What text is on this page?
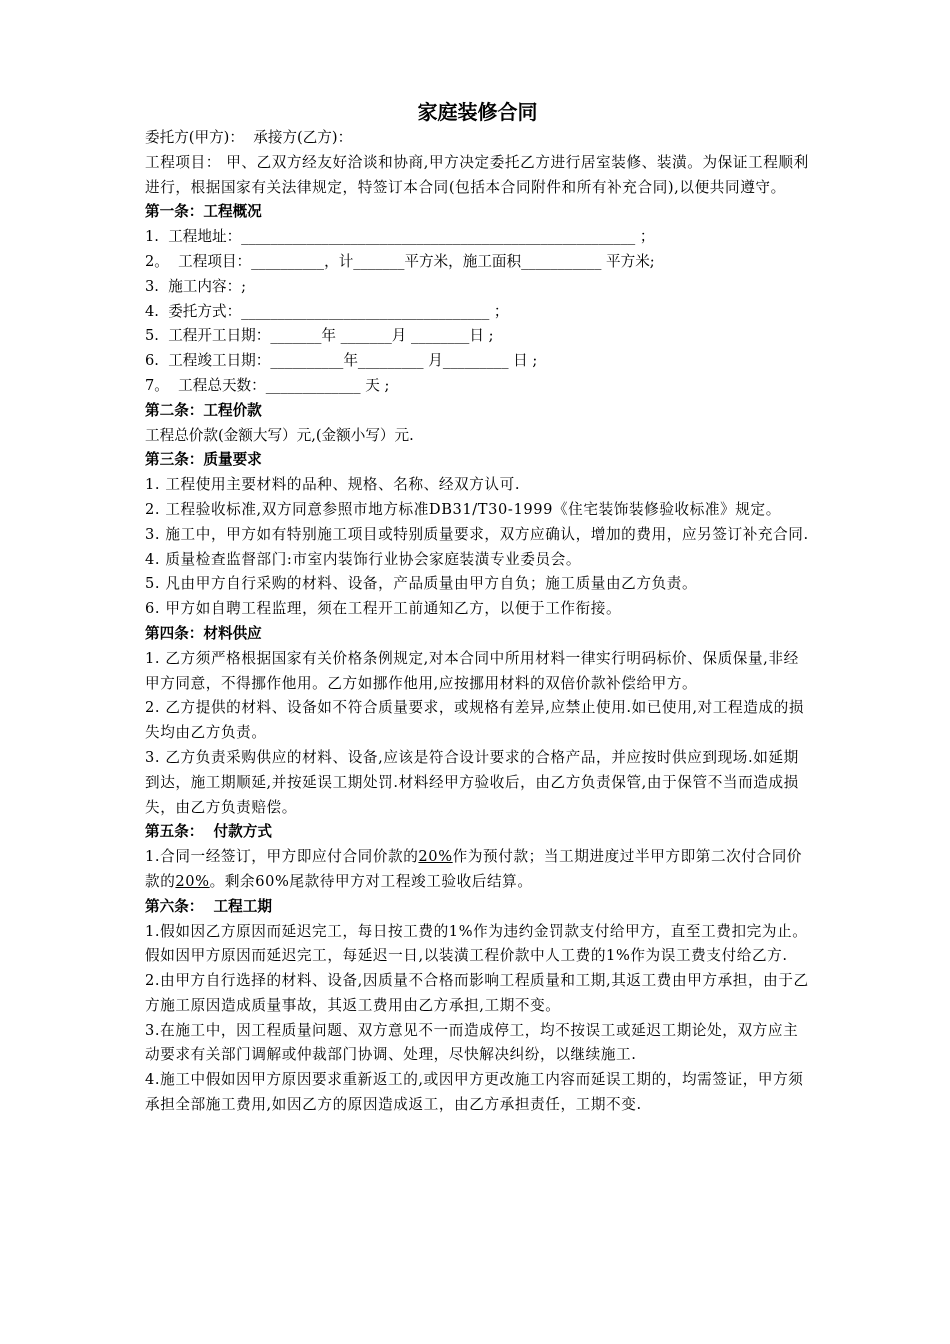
家庭装修合同
委托方(甲方)：  承接方(乙方)：
工程项目： 甲、乙双方经友好洽谈和协商,甲方决定委托乙方进行居室装修、装潢。为保证工程顺利进行，根据国家有关法律规定，特签订本合同(包括本合同附件和所有补充合同),以便共同遵守。
第一条：工程概况
1.  工程地址：______________________________________________________ ；
2。  工程项目：__________，计_______平方米，施工面积___________ 平方米;
3.  施工内容：;
4.  委托方式：__________________________________ ；
5.  工程开工日期：_______年 _______月 ________日 ;
6.  工程竣工日期：__________年_________ 月_________ 日 ;
7。  工程总天数：_____________ 天 ;
第二条：工程价款
工程总价款(金额大写）元,(金额小写）元.
第三条：质量要求
1. 工程使用主要材料的品种、规格、名称、经双方认可.
2. 工程验收标准,双方同意参照市地方标准DB31/T30-1999《住宅装饰装修验收标准》规定。
3. 施工中，甲方如有特别施工项目或特别质量要求，双方应确认，增加的费用，应另签订补充合同.
4. 质量检查监督部门:市室内装饰行业协会家庭装潢专业委员会。
5. 凡由甲方自行采购的材料、设备，产品质量由甲方自负；施工质量由乙方负责。
6. 甲方如自聘工程监理，须在工程开工前通知乙方，以便于工作衔接。
第四条：材料供应
1. 乙方须严格根据国家有关价格条例规定,对本合同中所用材料一律实行明码标价、保质保量,非经甲方同意，不得挪作他用。乙方如挪作他用,应按挪用材料的双倍价款补偿给甲方。
2. 乙方提供的材料、设备如不符合质量要求，或规格有差异,应禁止使用.如已使用,对工程造成的损失均由乙方负责。
3. 乙方负责采购供应的材料、设备,应该是符合设计要求的合格产品，并应按时供应到现场.如延期到达，施工期顺延,并按延误工期处罚.材料经甲方验收后，由乙方负责保管,由于保管不当而造成损失，由乙方负责赔偿。
第五条：  付款方式
1.合同一经签订，甲方即应付合同价款的20%作为预付款；当工期进度过半甲方即第二次付合同价款的20%。剩余60%尾款待甲方对工程竣工验收后结算。
第六条：  工程工期
1.假如因乙方原因而延迟完工，每日按工费的1%作为违约金罚款支付给甲方，直至工费扣完为止。假如因甲方原因而延迟完工，每延迟一日,以装潢工程价款中人工费的1%作为误工费支付给乙方.
2.由甲方自行选择的材料、设备,因质量不合格而影响工程质量和工期,其返工费由甲方承担，由于乙方施工原因造成质量事故，其返工费用由乙方承担,工期不变。
3.在施工中，因工程质量问题、双方意见不一而造成停工，均不按误工或延迟工期论处，双方应主动要求有关部门调解或仲裁部门协调、处理，尽快解决纠纷，以继续施工.
4.施工中假如因甲方原因要求重新返工的,或因甲方更改施工内容而延误工期的，均需签证，甲方须承担全部施工费用,如因乙方的原因造成返工，由乙方承担责任，工期不变.
